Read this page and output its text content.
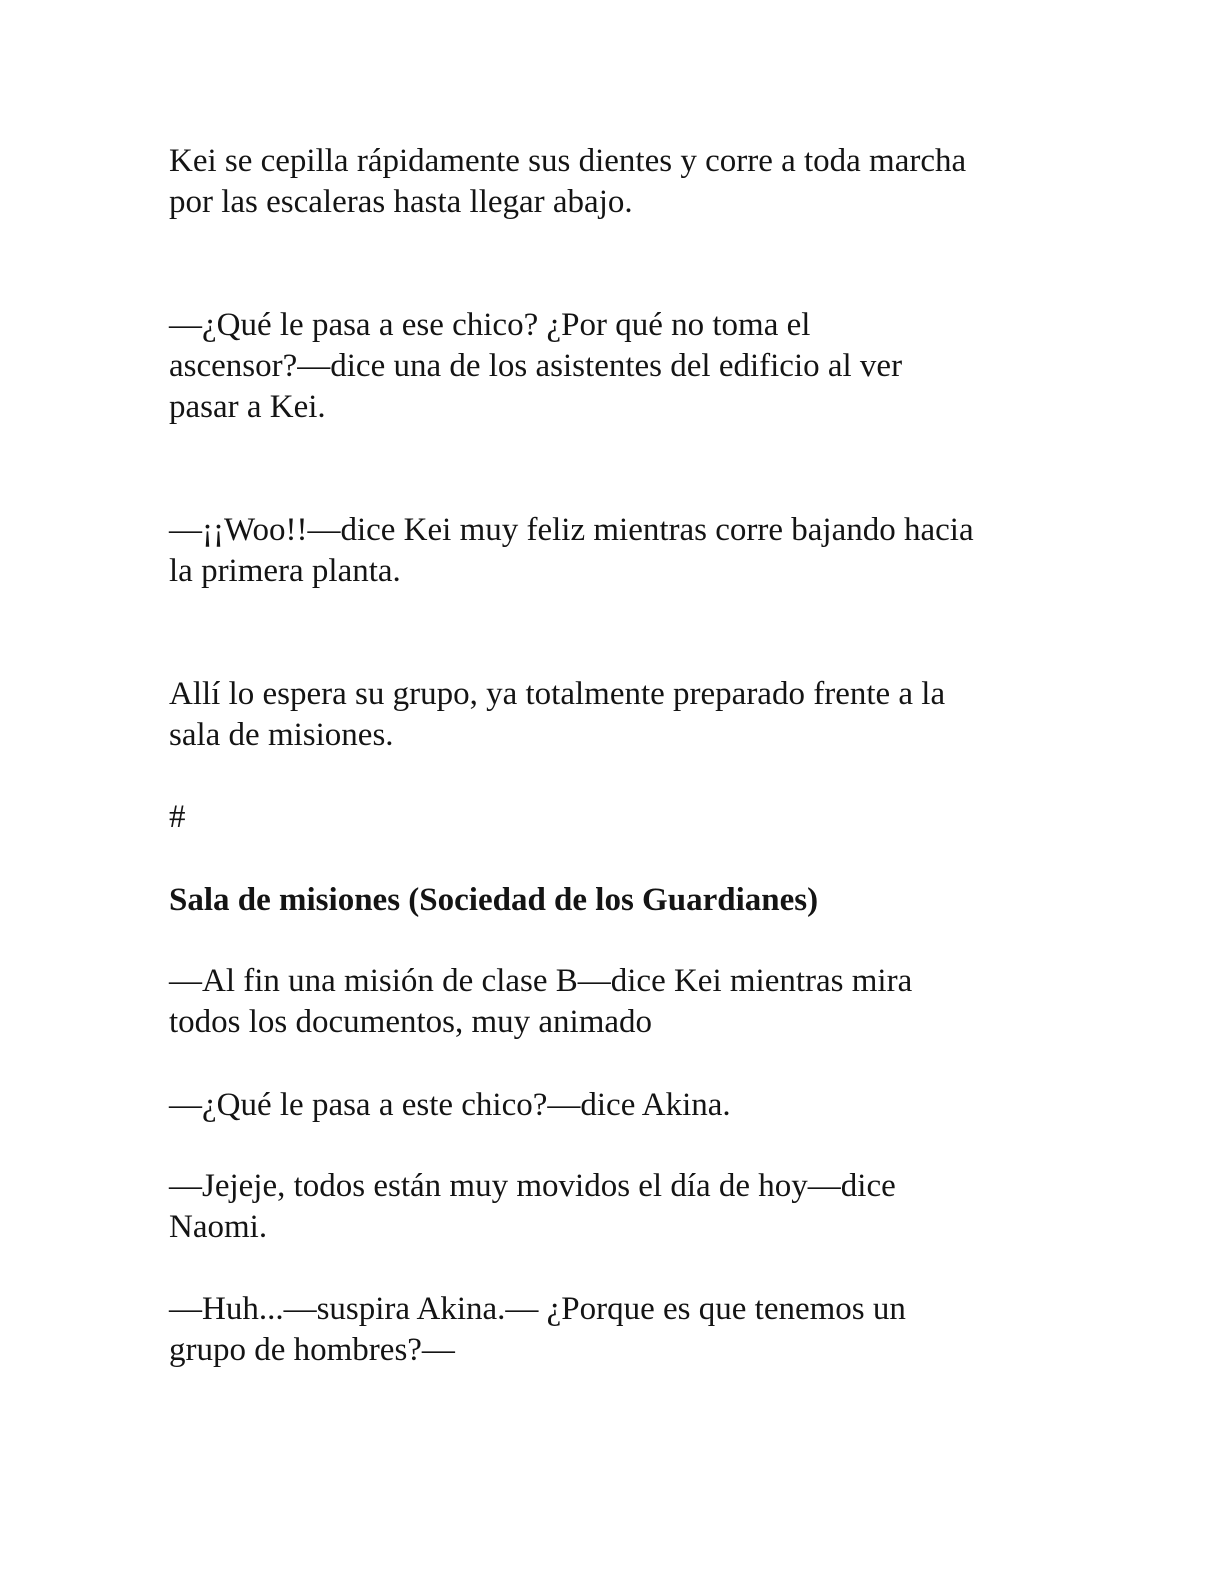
Kei se cepilla rápidamente sus dientes y corre a toda marcha
por las escaleras hasta llegar abajo.

—¿Qué le pasa a ese chico? ¿Por qué no toma el
ascensor?—dice una de los asistentes del edificio al ver
pasar a Kei.

—¡¡Woo!!—dice Kei muy feliz mientras corre bajando hacia
la primera planta.

Allí lo espera su grupo, ya totalmente preparado frente a la
sala de misiones.

#

Sala de misiones (Sociedad de los Guardianes)

—Al fin una misión de clase B—dice Kei mientras mira
todos los documentos, muy animado

—¿Qué le pasa a este chico?—dice Akina.

—Jejeje, todos están muy movidos el día de hoy—dice
Naomi.

—Huh...—suspira Akina.— ¿Porque es que tenemos un
grupo de hombres?—
